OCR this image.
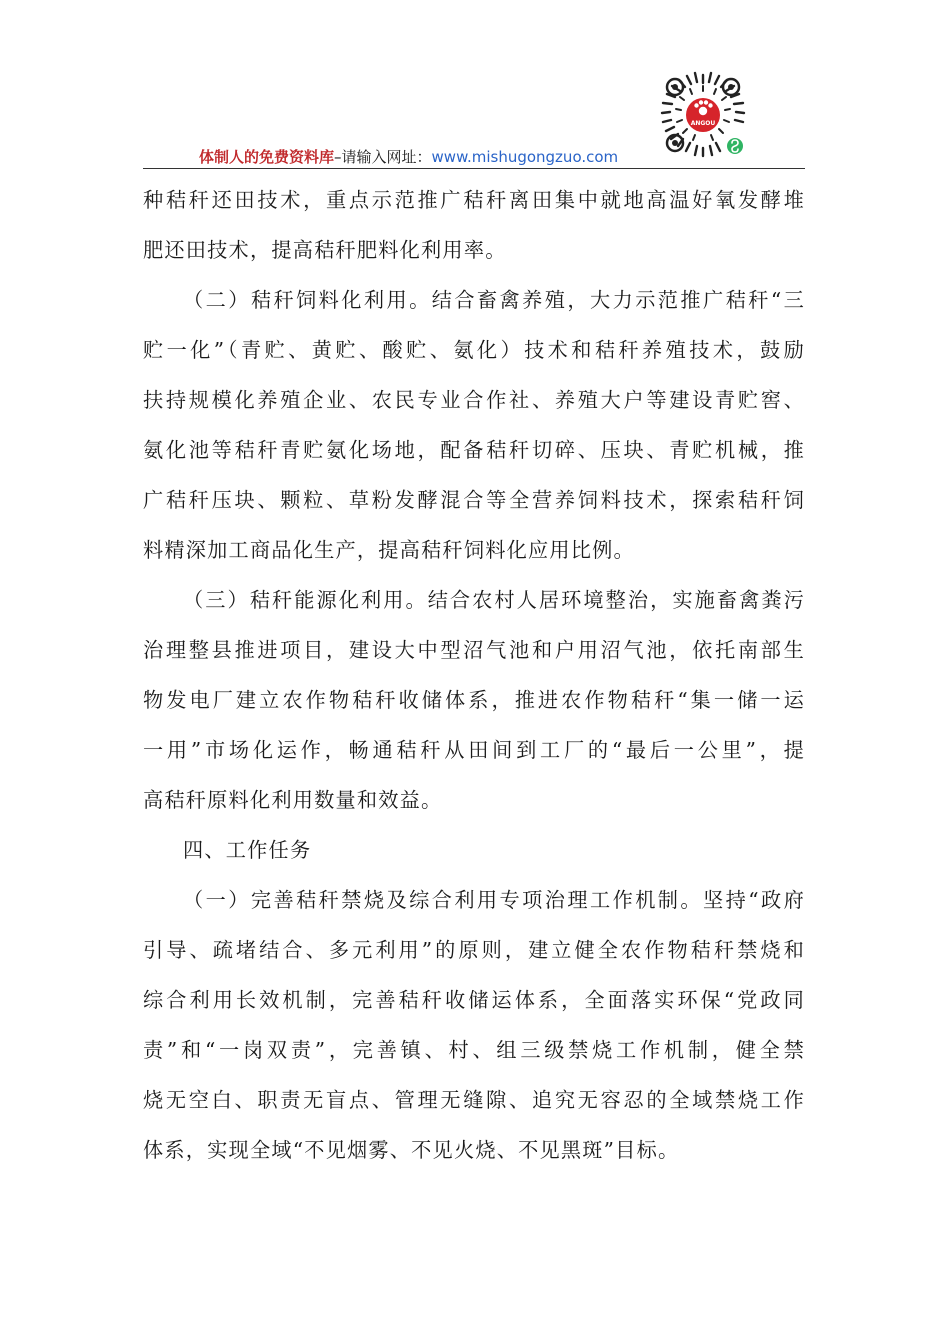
体制人的免费资料库–请输入网址：www.mishugongzuo.com
ANGOU
种秸秆还田技术，重点示范推广秸秆离田集中就地高温好氧发酵堆
肥还田技术，提高秸秆肥料化利用率。
（二）秸秆饲料化利用。结合畜禽养殖，大力示范推广秸秆“三
贮一化”（青贮、黄贮、酸贮、氨化）技术和秸秆养殖技术，鼓励
扶持规模化养殖企业、农民专业合作社、养殖大户等建设青贮窖、
氨化池等秸秆青贮氨化场地，配备秸秆切碎、压块、青贮机械，推
广秸秆压块、颗粒、草粉发酵混合等全营养饲料技术，探索秸秆饲
料精深加工商品化生产，提高秸秆饲料化应用比例。
（三）秸秆能源化利用。结合农村人居环境整治，实施畜禽粪污
治理整县推进项目，建设大中型沼气池和户用沼气池，依托南部生
物发电厂建立农作物秸秆收储体系，推进农作物秸秆“集一储一运
一用”市场化运作，畅通秸秆从田间到工厂的“最后一公里”，提
高秸秆原料化利用数量和效益。
四、工作任务
（一）完善秸秆禁烧及综合利用专项治理工作机制。坚持“政府
引导、疏堵结合、多元利用”的原则，建立健全农作物秸秆禁烧和
综合利用长效机制，完善秸秆收储运体系，全面落实环保“党政同
责”和“一岗双责”，完善镇、村、组三级禁烧工作机制，健全禁
烧无空白、职责无盲点、管理无缝隙、追究无容忍的全域禁烧工作
体系，实现全域“不见烟雾、不见火烧、不见黑斑”目标。
